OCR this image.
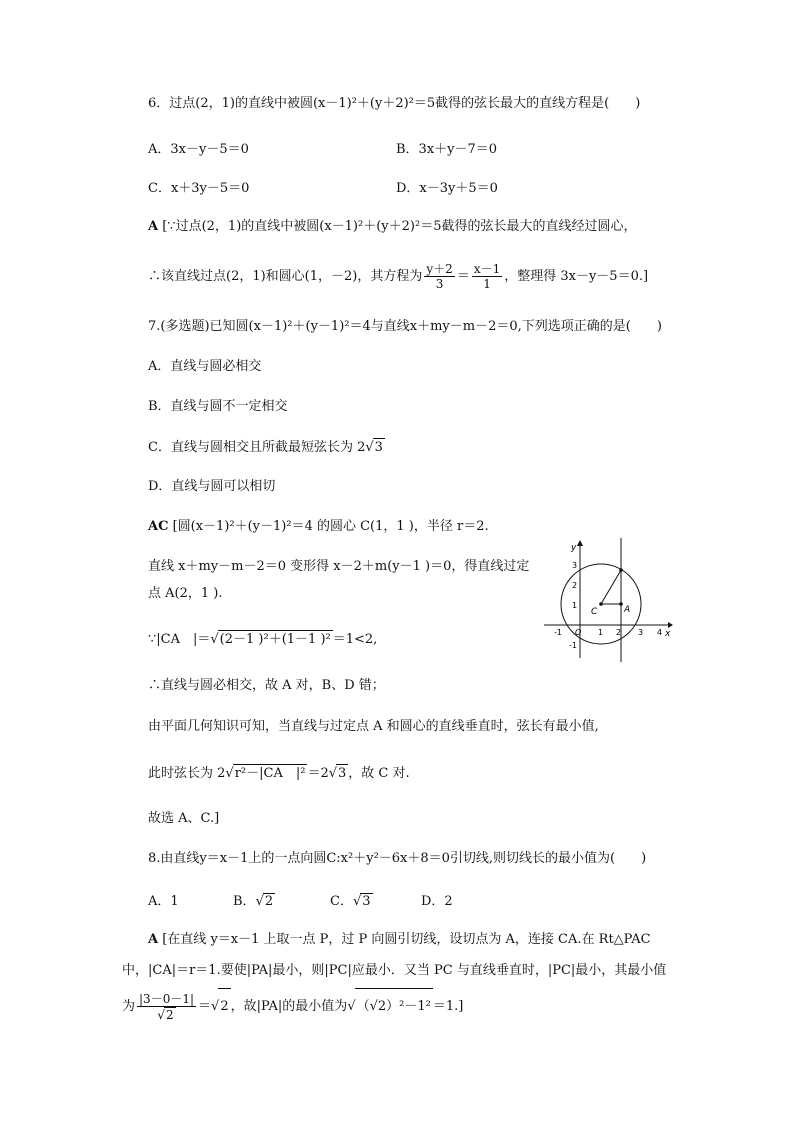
6．过点(2，1)的直线中被圆(x－1)²＋(y＋2)²＝5截得的弦长最大的直线方程是(　　)
A．3x－y－5＝0	B．3x＋y－7＝0
C．x＋3y－5＝0	D．x－3y＋5＝0
A [∵过点(2，1)的直线中被圆(x－1)²＋(y＋2)²＝5截得的弦长最大的直线经过圆心，
∴该直线过点(2，1)和圆心(1，－2)，其方程为 $\frac{y+2}{3} = \frac{x-1}{1}$ ，整理得 3x－y－5＝0.]
7.(多选题)已知圆(x－1)²＋(y－1)²＝4与直线x＋my－m－2＝0,下列选项正确的是(　　)
A．直线与圆必相交
B．直线与圆不一定相交
C．直线与圆相交且所截最短弦长为 2√3
D．直线与圆可以相切
AC [圆(x－1)²＋(y－1)²＝4 的圆心 C(1，1 )，半径 r＝2.
直线 x＋my－m－2＝0 变形得 x－2＋m(y－1 )＝0，得直线过定
点 A(2，1 ).
∵|CA　|＝√(2－1 )²＋(1－1 )² ＝1<2,
∴直线与圆必相交，故 A 对，B、D 错；
由平面几何知识可知，当直线与过定点 A 和圆心的直线垂直时，弦长有最小值,
此时弦长为 2√r²－|CA　|² ＝2√3 ，故 C 对.
故选 A、C.]
y
x
3
2
1
-1
-1 O 1 2 3 4
C	A
8.由直线y＝x－1上的一点向圆C:x²＋y²－6x＋8＝0引切线,则切线长的最小值为(　　)
A．1	B．√2	C．√3	D．2
A [在直线 y＝x－1 上取一点 P，过 P 向圆引切线，设切点为 A，连接 CA.在 Rt△PAC
中，|CA|＝r＝1.要使|PA|最小，则|PC|应最小．又当 PC 与直线垂直时，|PC|最小，其最小值
为 $\frac{|3-0-1|}{√2} =√2$ ，故|PA|的最小值为√（√2）²－1² ＝1.]
